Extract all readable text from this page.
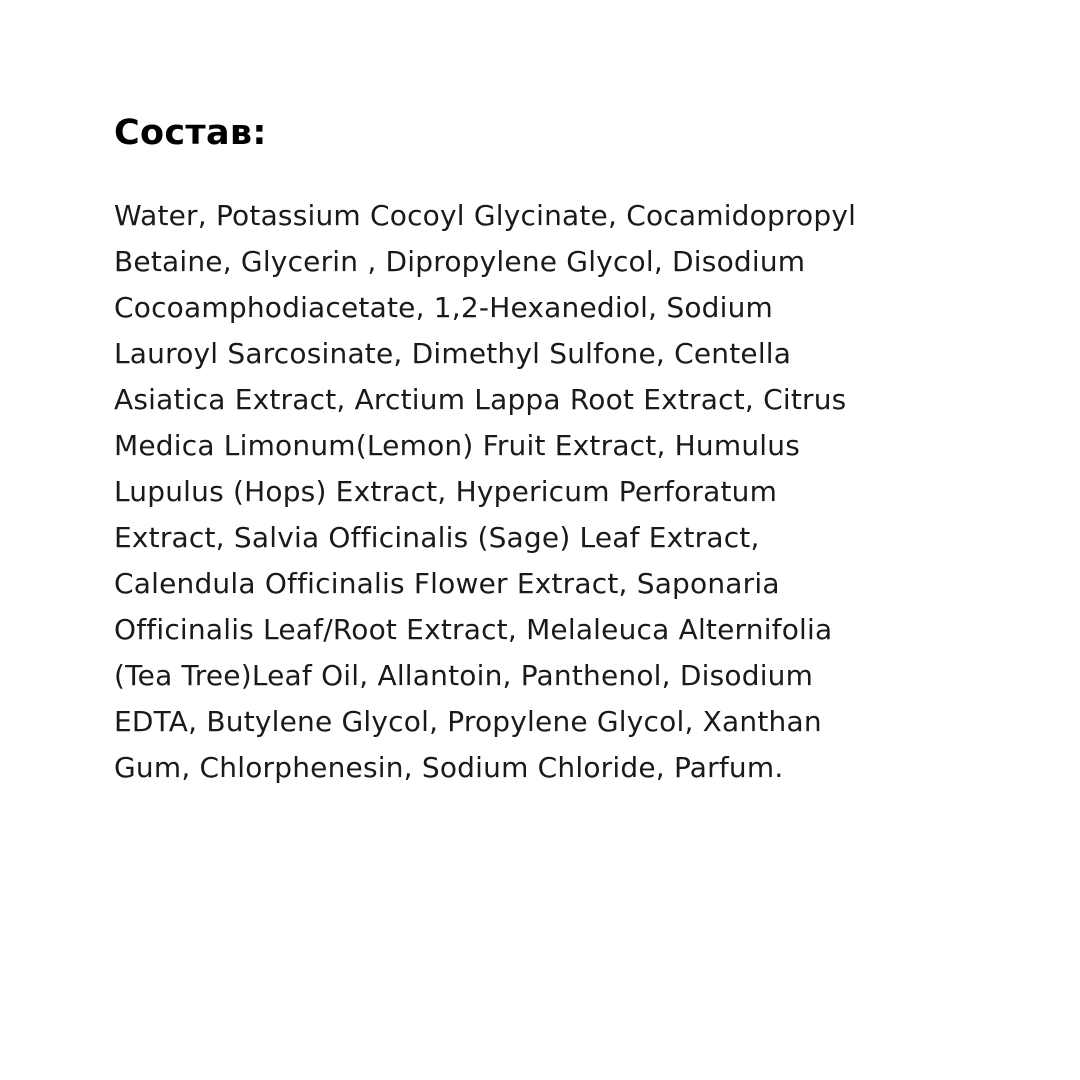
Состав:
Water, Potassium Cocoyl Glycinate, Cocamidopropyl
Betaine, Glycerin , Dipropylene Glycol, Disodium
Cocoamphodiacetate, 1,2-Hexanediol, Sodium
Lauroyl Sarcosinate, Dimethyl Sulfone, Centella
Asiatica Extract, Arctium Lappa Root Extract, Citrus
Medica Limonum(Lemon) Fruit Extract, Humulus
Lupulus (Hops) Extract, Hypericum Perforatum
Extract, Salvia Officinalis (Sage) Leaf Extract,
Calendula Officinalis Flower Extract, Saponaria
Officinalis Leaf/Root Extract, Melaleuca Alternifolia
(Tea Tree)Leaf Oil, Allantoin, Panthenol, Disodium
EDTA, Butylene Glycol, Propylene Glycol, Xanthan
Gum, Chlorphenesin, Sodium Chloride, Parfum.
